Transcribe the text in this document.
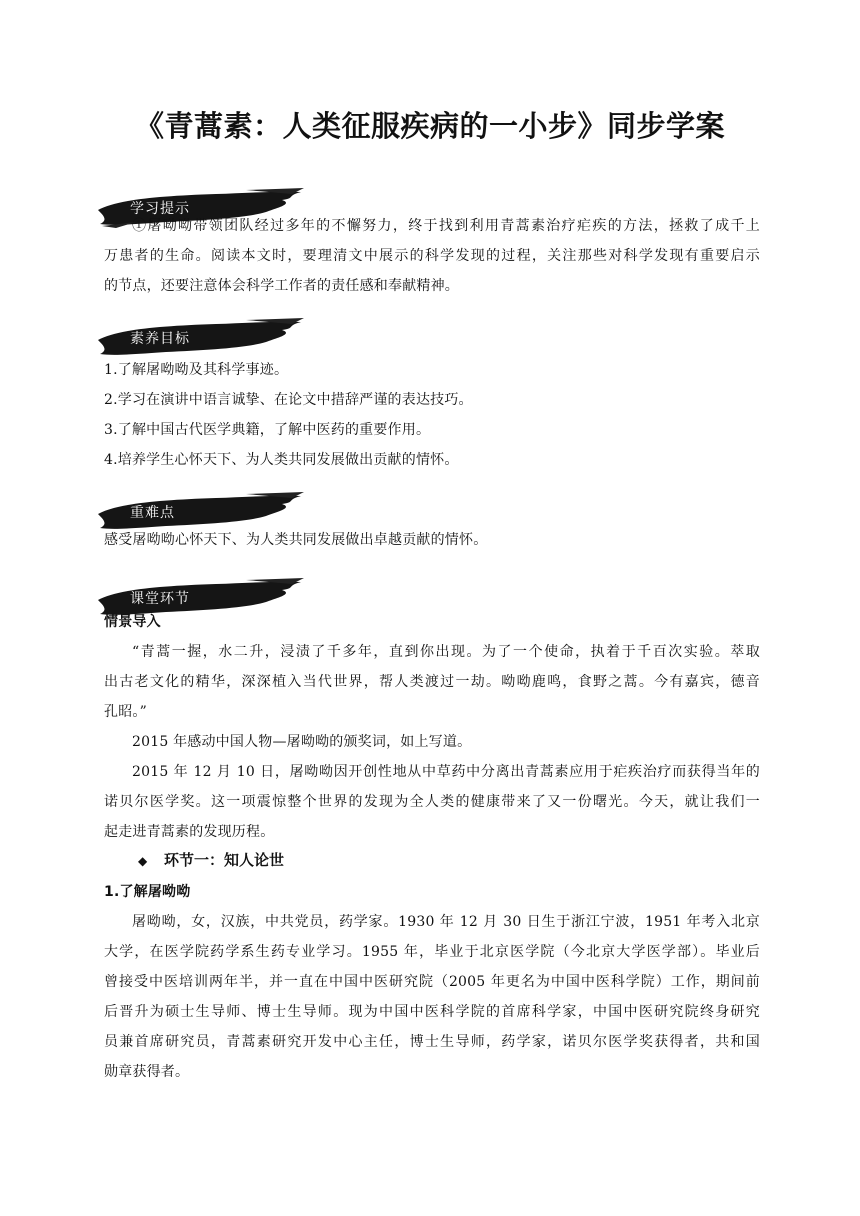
《青蒿素：人类征服疾病的一小步》同步学案
学习提示
①屠呦呦带领团队经过多年的不懈努力，终于找到利用青蒿素治疗疟疾的方法，拯救了成千上
万患者的生命。阅读本文时，要理清文中展示的科学发现的过程，关注那些对科学发现有重要启示
的节点，还要注意体会科学工作者的责任感和奉献精神。
素养目标
1.了解屠呦呦及其科学事迹。
2.学习在演讲中语言诚挚、在论文中措辞严谨的表达技巧。
3.了解中国古代医学典籍，了解中医药的重要作用。
4.培养学生心怀天下、为人类共同发展做出贡献的情怀。
重难点
感受屠呦呦心怀天下、为人类共同发展做出卓越贡献的情怀。
课堂环节
情景导入
“青蒿一握，水二升，浸渍了千多年，直到你出现。为了一个使命，执着于千百次实验。萃取
出古老文化的精华，深深植入当代世界，帮人类渡过一劫。呦呦鹿鸣，食野之蒿。今有嘉宾，德音
孔昭。”
2015 年感动中国人物—屠呦呦的颁奖词，如上写道。
2015 年 12 月 10 日，屠呦呦因开创性地从中草药中分离出青蒿素应用于疟疾治疗而获得当年的
诺贝尔医学奖。这一项震惊整个世界的发现为全人类的健康带来了又一份曙光。今天，就让我们一
起走进青蒿素的发现历程。
◆ 环节一：知人论世
1.了解屠呦呦
屠呦呦，女，汉族，中共党员，药学家。1930 年 12 月 30 日生于浙江宁波，1951 年考入北京
大学，在医学院药学系生药专业学习。1955 年，毕业于北京医学院（今北京大学医学部）。毕业后
曾接受中医培训两年半，并一直在中国中医研究院（2005 年更名为中国中医科学院）工作，期间前
后晋升为硕士生导师、博士生导师。现为中国中医科学院的首席科学家，中国中医研究院终身研究
员兼首席研究员，青蒿素研究开发中心主任，博士生导师，药学家，诺贝尔医学奖获得者，共和国
勋章获得者。
